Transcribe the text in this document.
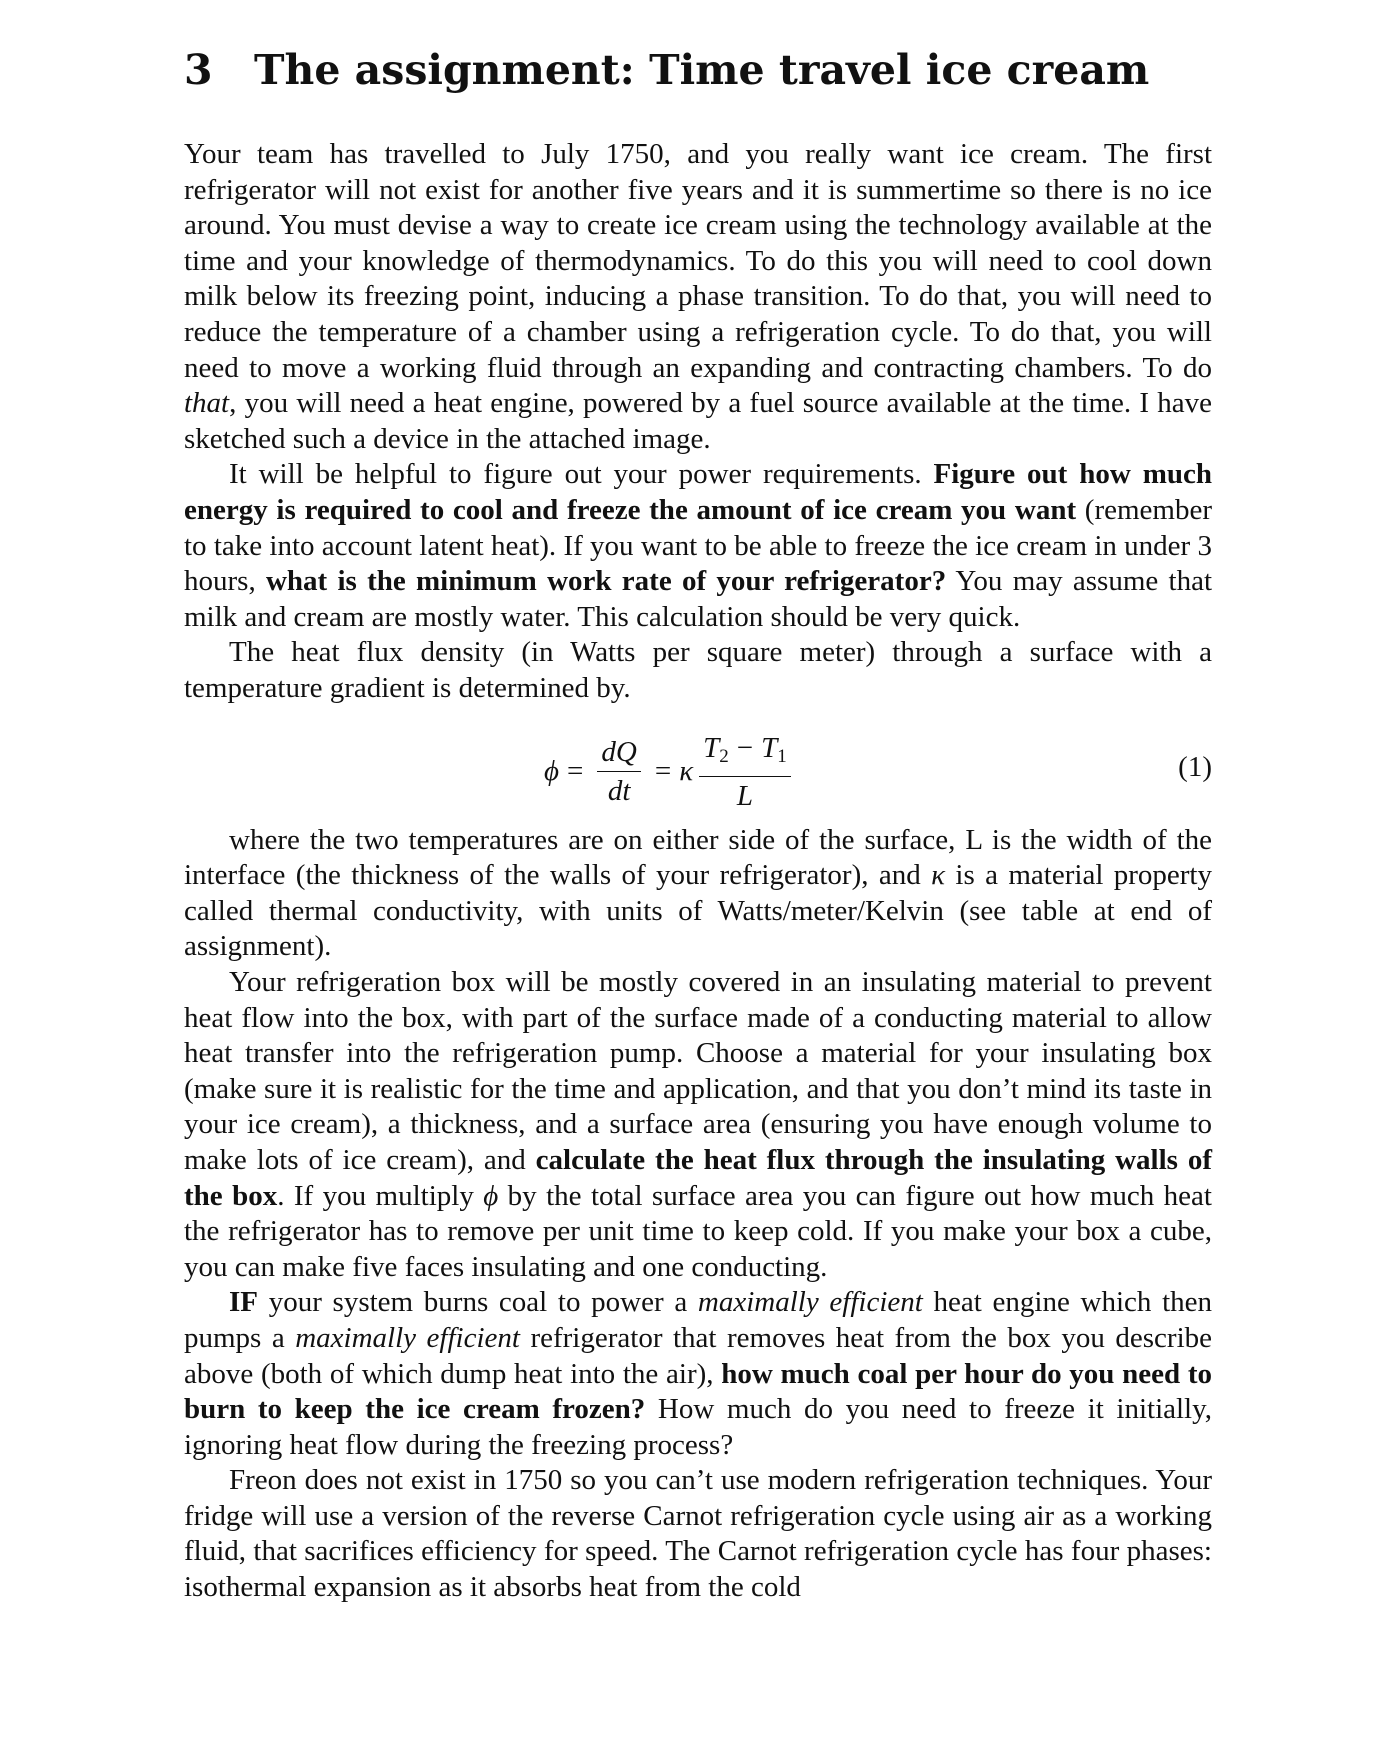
3	The assignment: Time travel ice cream

Your team has travelled to July 1750, and you really want ice cream. The first refrigerator will not exist for another five years and it is summertime so there is no ice around. You must devise a way to create ice cream using the technology available at the time and your knowledge of thermodynamics. To do this you will need to cool down milk below its freezing point, inducing a phase transition. To do that, you will need to reduce the temperature of a chamber using a refrigeration cycle. To do that, you will need to move a working fluid through an expanding and contracting chambers. To do that, you will need a heat engine, powered by a fuel source available at the time. I have sketched such a device in the attached image.

It will be helpful to figure out your power requirements. Figure out how much energy is required to cool and freeze the amount of ice cream you want (remember to take into account latent heat). If you want to be able to freeze the ice cream in under 3 hours, what is the minimum work rate of your refrigerator? You may assume that milk and cream are mostly water. This calculation should be very quick.

The heat flux density (in Watts per square meter) through a surface with a temperature gradient is determined by.

$\phi = \frac{dQ}{dt} = \kappa \frac{T_2 - T_1}{L}$	(1)

where the two temperatures are on either side of the surface, L is the width of the interface (the thickness of the walls of your refrigerator), and κ is a material property called thermal conductivity, with units of Watts/meter/Kelvin (see table at end of assignment).

Your refrigeration box will be mostly covered in an insulating material to prevent heat flow into the box, with part of the surface made of a conducting material to allow heat transfer into the refrigeration pump. Choose a material for your insulating box (make sure it is realistic for the time and application, and that you don’t mind its taste in your ice cream), a thickness, and a surface area (ensuring you have enough volume to make lots of ice cream), and calculate the heat flux through the insulating walls of the box. If you multiply ϕ by the total surface area you can figure out how much heat the refrigerator has to remove per unit time to keep cold. If you make your box a cube, you can make five faces insulating and one conducting.

IF your system burns coal to power a maximally efficient heat engine which then pumps a maximally efficient refrigerator that removes heat from the box you describe above (both of which dump heat into the air), how much coal per hour do you need to burn to keep the ice cream frozen? How much do you need to freeze it initially, ignoring heat flow during the freezing process?

Freon does not exist in 1750 so you can’t use modern refrigeration techniques. Your fridge will use a version of the reverse Carnot refrigeration cycle using air as a working fluid, that sacrifices efficiency for speed. The Carnot refrigeration cycle has four phases: isothermal expansion as it absorbs heat from the cold
